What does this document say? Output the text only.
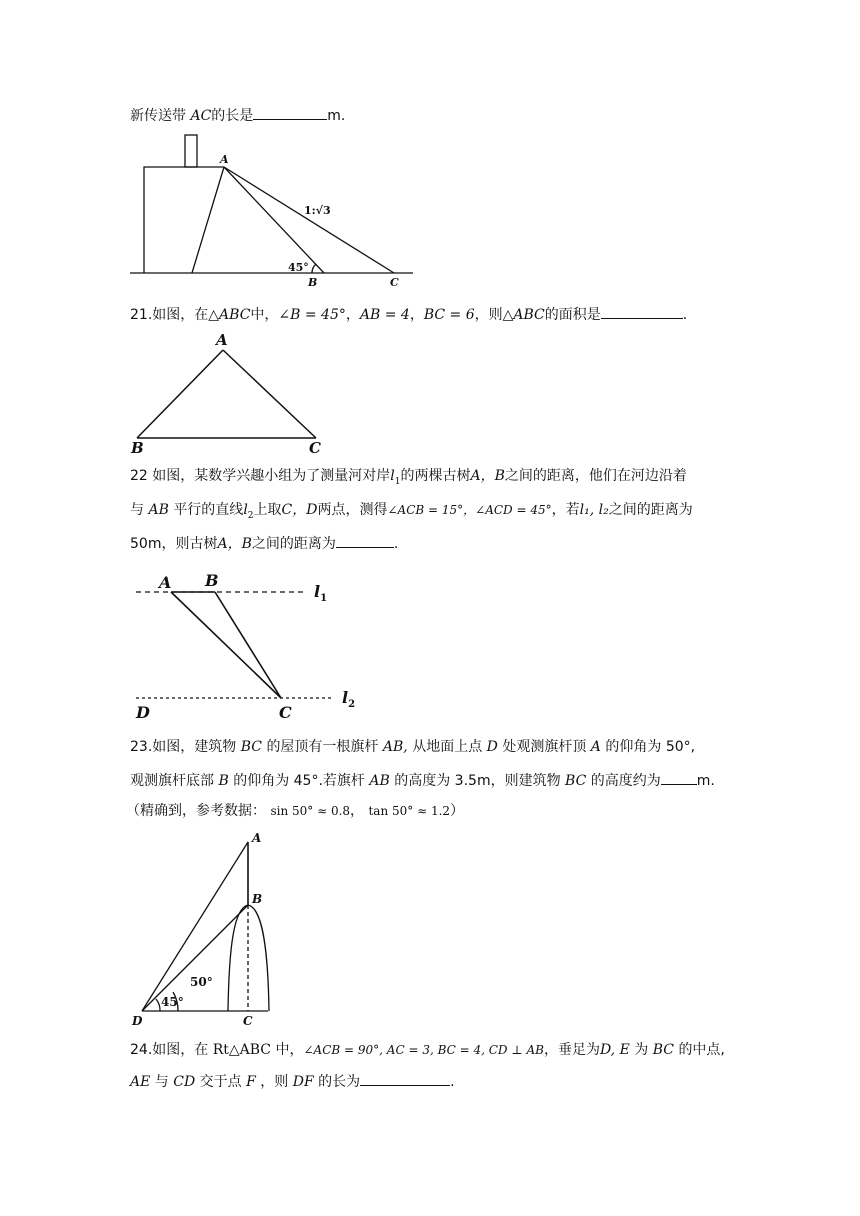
新传送带 AC的长是	m.
A
B	C
45°
1:√3
21.如图，在△ABC中，∠B = 45°，AB = 4，BC = 6，则△ABC的面积是	.
A
B	C
22 如图，某数学兴趣小组为了测量河对岸$l_1$的两棵古树A，B之间的距离，他们在河边沿着
与 AB 平行的直线$l_2$上取C，D两点，测得∠ACB = 15°，∠ACD = 45°，若l₁, l₂之间的距离为
50m，则古树A，B之间的距离为	.
A B
C
D
$l_1$
$l_2$
23.如图，建筑物 BC 的屋顶有一根旗杆 AB, 从地面上点 D 处观测旗杆顶 A 的仰角为 50°,
观测旗杆底部 B 的仰角为 45°.若旗杆 AB 的高度为 3.5m，则建筑物 BC 的高度约为	m.
（精确到，参考数据： sin 50° ≈ 0.8， tan 50° ≈ 1.2）
A
B
C
D
50°
45°
24.如图，在 Rt△ABC 中，∠ACB = 90°, AC = 3, BC = 4, CD ⊥ AB，垂足为D, E 为 BC 的中点,
AE 与 CD 交于点 F ，则 DF 的长为	.
